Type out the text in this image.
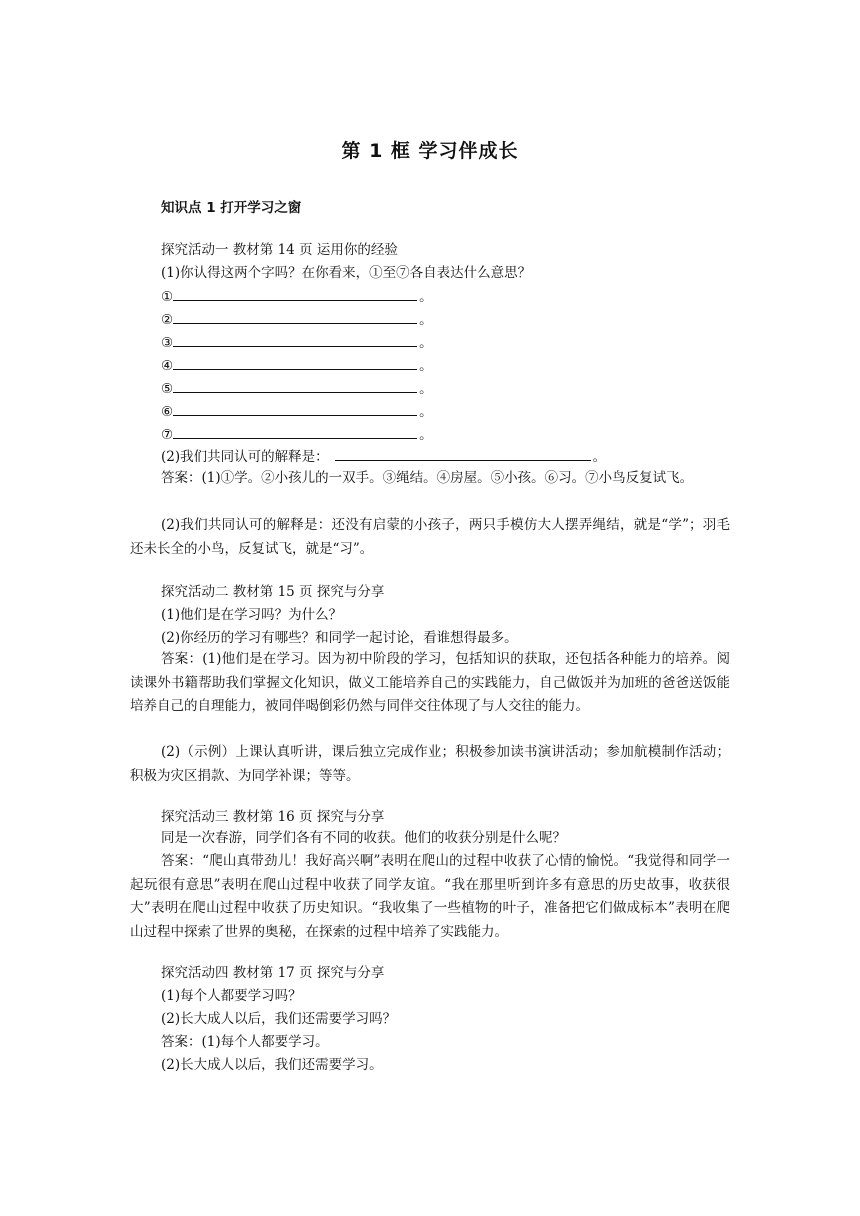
第 1 框 学习伴成长
知识点 1 打开学习之窗
探究活动一 教材第 14 页 运用你的经验
(1)你认得这两个字吗？在你看来，①至⑦各自表达什么意思？
①	。
②	。
③	。
④	。
⑤	。
⑥	。
⑦	。
(2)我们共同认可的解释是：	。
答案：(1)①学。②小孩儿的一双手。③绳结。④房屋。⑤小孩。⑥习。⑦小鸟反复试飞。
(2)我们共同认可的解释是：还没有启蒙的小孩子，两只手模仿大人摆弄绳结，就是“学”；羽毛还未长全的小鸟，反复试飞，就是“习”。
探究活动二 教材第 15 页 探究与分享
(1)他们是在学习吗？为什么？
(2)你经历的学习有哪些？和同学一起讨论，看谁想得最多。
答案：(1)他们是在学习。因为初中阶段的学习，包括知识的获取，还包括各种能力的培养。阅读课外书籍帮助我们掌握文化知识，做义工能培养自己的实践能力，自己做饭并为加班的爸爸送饭能培养自己的自理能力，被同伴喝倒彩仍然与同伴交往体现了与人交往的能力。
(2)（示例）上课认真听讲，课后独立完成作业；积极参加读书演讲活动；参加航模制作活动；积极为灾区捐款、为同学补课；等等。
探究活动三 教材第 16 页 探究与分享
同是一次春游，同学们各有不同的收获。他们的收获分别是什么呢？
答案：“爬山真带劲儿！我好高兴啊”表明在爬山的过程中收获了心情的愉悦。“我觉得和同学一起玩很有意思”表明在爬山过程中收获了同学友谊。“我在那里听到许多有意思的历史故事，收获很大”表明在爬山过程中收获了历史知识。“我收集了一些植物的叶子，准备把它们做成标本”表明在爬山过程中探索了世界的奥秘，在探索的过程中培养了实践能力。
探究活动四 教材第 17 页 探究与分享
(1)每个人都要学习吗？
(2)长大成人以后，我们还需要学习吗？
答案：(1)每个人都要学习。
(2)长大成人以后，我们还需要学习。
